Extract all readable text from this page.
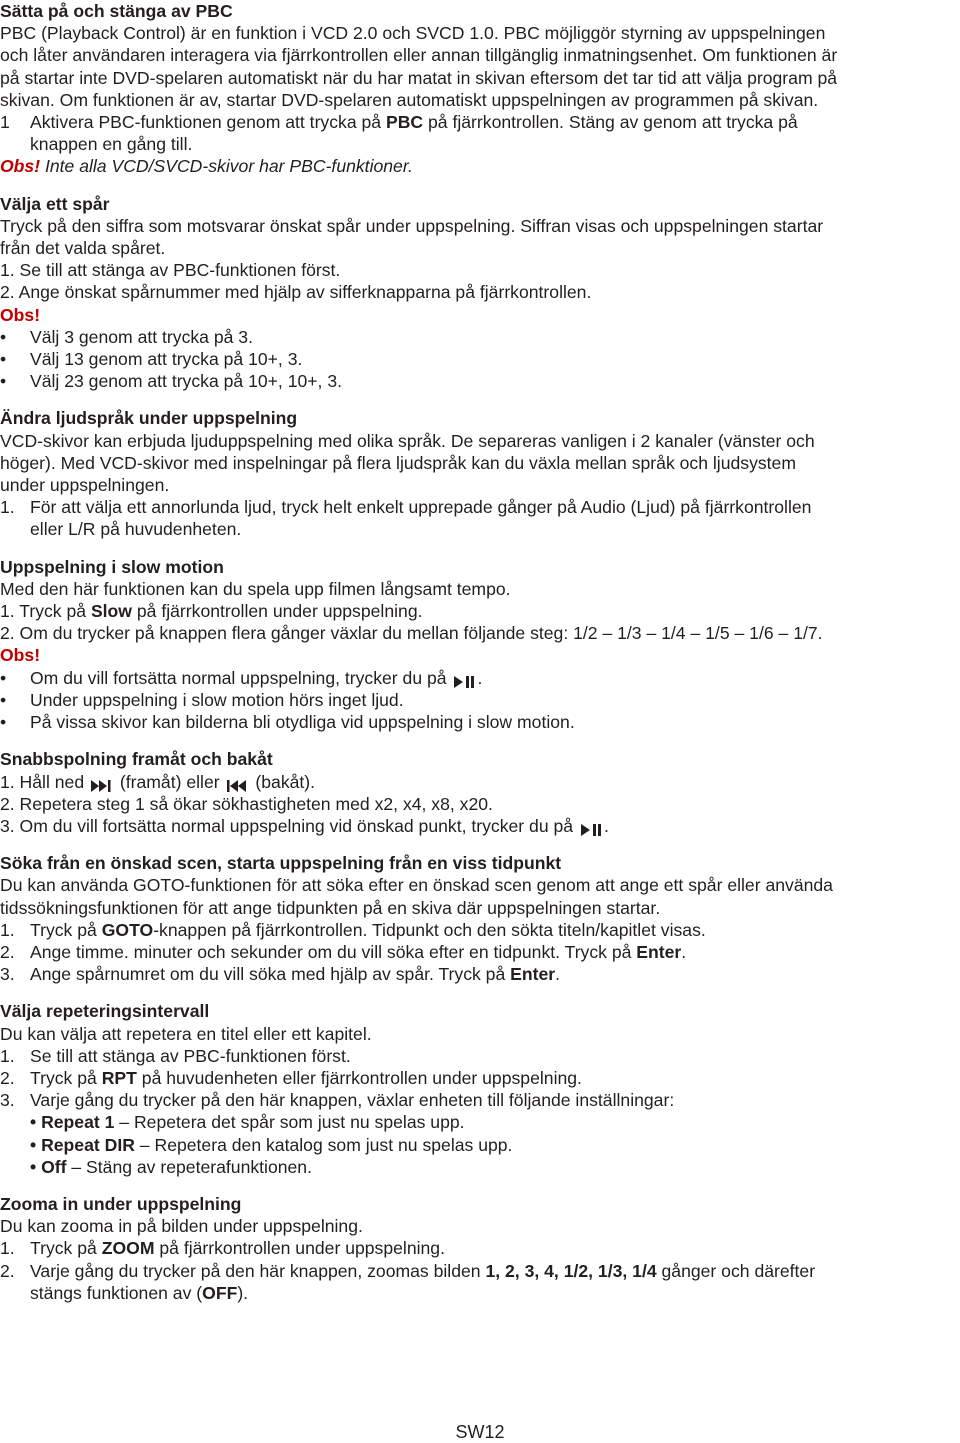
Sätta på och stänga av PBC
PBC (Playback Control) är en funktion i VCD 2.0 och SVCD 1.0. PBC möjliggör styrning av uppspelningen
och låter användaren interagera via fjärrkontrollen eller annan tillgänglig inmatningsenhet. Om funktionen är
på startar inte DVD-spelaren automatiskt när du har matat in skivan eftersom det tar tid att välja program på
skivan. Om funktionen är av, startar DVD-spelaren automatiskt uppspelningen av programmen på skivan.
1	Aktivera PBC-funktionen genom att trycka på PBC på fjärrkontrollen. Stäng av genom att trycka på
knappen en gång till.
Obs! Inte alla VCD/SVCD-skivor har PBC-funktioner.
Välja ett spår
Tryck på den siffra som motsvarar önskat spår under uppspelning. Siffran visas och uppspelningen startar
från det valda spåret.
1. Se till att stänga av PBC-funktionen först.
2. Ange önskat spårnummer med hjälp av sifferknapparna på fjärrkontrollen.
Obs!
•	Välj 3 genom att trycka på 3.
•	Välj 13 genom att trycka på 10+, 3.
•	Välj 23 genom att trycka på 10+, 10+, 3.
Ändra ljudspråk under uppspelning
VCD-skivor kan erbjuda ljuduppspelning med olika språk. De separeras vanligen i 2 kanaler (vänster och
höger). Med VCD-skivor med inspelningar på flera ljudspråk kan du växla mellan språk och ljudsystem
under uppspelningen.
1. För att välja ett annorlunda ljud, tryck helt enkelt upprepade gånger på Audio (Ljud) på fjärrkontrollen
eller L/R på huvudenheten.
Uppspelning i slow motion
Med den här funktionen kan du spela upp filmen långsamt tempo.
1. Tryck på Slow på fjärrkontrollen under uppspelning.
2. Om du trycker på knappen flera gånger växlar du mellan följande steg: 1/2 – 1/3 – 1/4 – 1/5 – 1/6 – 1/7.
Obs!
•	Om du vill fortsätta normal uppspelning, trycker du på .
•	Under uppspelning i slow motion hörs inget ljud.
•	På vissa skivor kan bilderna bli otydliga vid uppspelning i slow motion.
Snabbspolning framåt och bakåt
1. Håll ned  (framåt) eller  (bakåt).
2. Repetera steg 1 så ökar sökhastigheten med x2, x4, x8, x20.
3. Om du vill fortsätta normal uppspelning vid önskad punkt, trycker du på .
Söka från en önskad scen, starta uppspelning från en viss tidpunkt
Du kan använda GOTO-funktionen för att söka efter en önskad scen genom att ange ett spår eller använda
tidssökningsfunktionen för att ange tidpunkten på en skiva där uppspelningen startar.
1. Tryck på GOTO-knappen på fjärrkontrollen. Tidpunkt och den sökta titeln/kapitlet visas.
2. Ange timme. minuter och sekunder om du vill söka efter en tidpunkt. Tryck på Enter.
3. Ange spårnumret om du vill söka med hjälp av spår. Tryck på Enter.
Välja repeteringsintervall
Du kan välja att repetera en titel eller ett kapitel.
1. Se till att stänga av PBC-funktionen först.
2. Tryck på RPT på huvudenheten eller fjärrkontrollen under uppspelning.
3. Varje gång du trycker på den här knappen, växlar enheten till följande inställningar:
• Repeat 1 – Repetera det spår som just nu spelas upp.
• Repeat DIR – Repetera den katalog som just nu spelas upp.
• Off – Stäng av repeterafunktionen.
Zooma in under uppspelning
Du kan zooma in på bilden under uppspelning.
1. Tryck på ZOOM på fjärrkontrollen under uppspelning.
2. Varje gång du trycker på den här knappen, zoomas bilden 1, 2, 3, 4, 1/2, 1/3, 1/4 gånger och därefter
stängs funktionen av (OFF).
SW12
